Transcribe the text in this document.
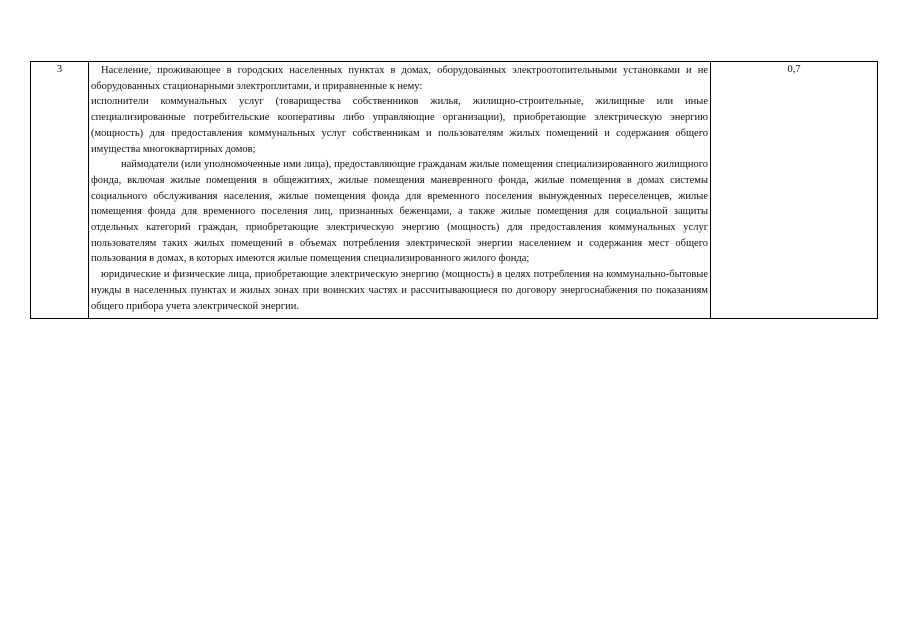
3	Население, проживающее в городских населенных пунктах в домах, оборудованных электроотопительными установками и не оборудованных стационарными электроплитами, и приравненные к нему:

исполнители коммунальных услуг (товарищества собственников жилья, жилищно-строительные, жилищные или иные специализированные потребительские кооперативы либо управляющие организации), приобретающие электрическую энергию (мощность) для предоставления коммунальных услуг собственникам и пользователям жилых помещений и содержания общего имущества многоквартирных домов;

наймодатели (или уполномоченные ими лица), предоставляющие гражданам жилые помещения специализированного жилищного фонда, включая жилые помещения в общежитиях, жилые помещения маневренного фонда, жилые помещения в домах системы социального обслуживания населения, жилые помещения фонда для временного поселения вынужденных переселенцев, жилые помещения фонда для временного поселения лиц, признанных беженцами, а также жилые помещения для социальной защиты отдельных категорий граждан, приобретающие электрическую энергию (мощность) для предоставления коммунальных услуг пользователям таких жилых помещений в объемах потребления электрической энергии населением и содержания мест общего пользования в домах, в которых имеются жилые помещения специализированного жилого фонда;

юридические и физические лица, приобретающие электрическую энергию (мощность) в целях потребления на коммунально-бытовые нужды в населенных пунктах и жилых зонах при воинских частях и рассчитывающиеся по договору энергоснабжения по показаниям общего прибора учета электрической энергии.

	0,7
